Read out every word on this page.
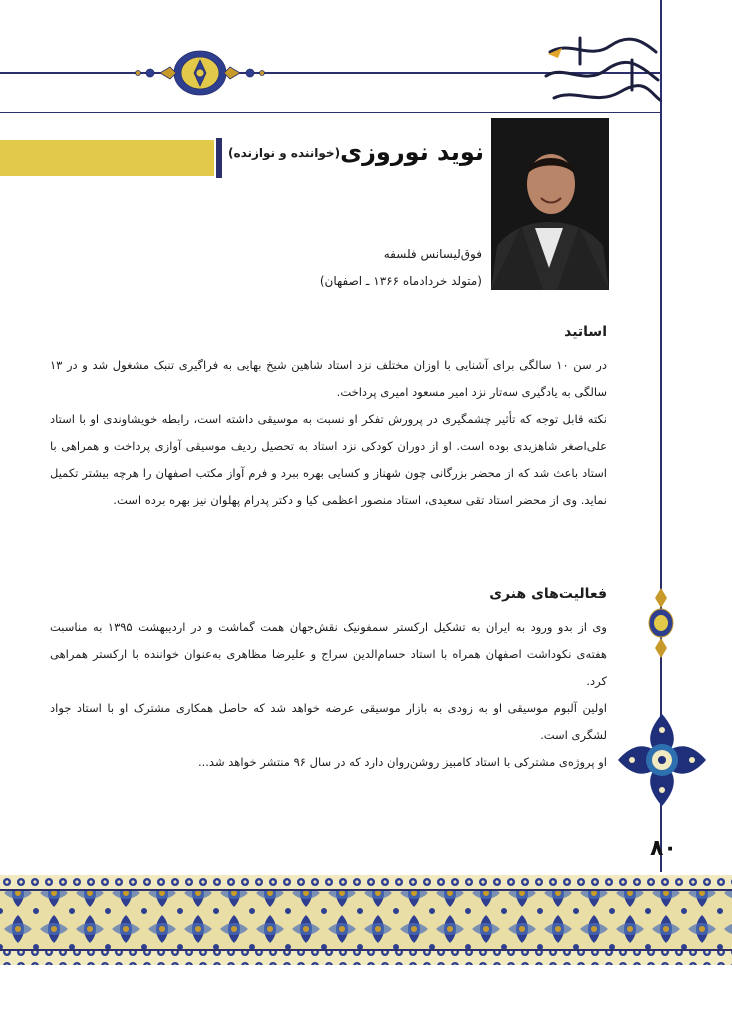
نوید نوروزی
(خواننده و نوازنده)
فوق‌لیسانس فلسفه
(متولد خردادماه ۱۳۶۶ ـ اصفهان)
اساتید

در سن ۱۰ سالگی برای آشنایی با اوزان مختلف نزد استاد شاهین شیخ بهایی به فراگیری تنبک مشغول شد و در ۱۳ سالگی به یادگیری سه‌تار نزد امیر مسعود امیری پرداخت.

نکته قابل توجه که تأثیر چشمگیری در پرورش تفکر او نسبت به موسیقی داشته است، رابطه خویشاوندی او با استاد علی‌اصغر شاهزیدی بوده است. او از دوران کودکی نزد استاد به تحصیل ردیف موسیقی آوازی پرداخت و همراهی با استاد باعث شد که از محضر بزرگانی چون شهناز و کسایی بهره ببرد و فرم آواز مکتب اصفهان را هرچه بیشتر تکمیل نماید. وی از محضر استاد تقی سعیدی، استاد منصور اعظمی کیا و دکتر پدرام پهلوان نیز بهره برده است.

فعالیت‌های هنری

وی از بدو ورود به ایران به تشکیل ارکستر سمفونیک نقش‌جهان همت گماشت و در اردیبهشت ۱۳۹۵ به مناسبت هفته‌ی نکوداشت اصفهان همراه با استاد حسام‌الدین سراج و علیرضا مظاهری به‌عنوان خواننده با ارکستر همراهی کرد.

اولین آلبوم موسیقی او به زودی به بازار موسیقی عرضه خواهد شد که حاصل همکاری مشترک او با استاد جواد لشگری است.

او پروژه‌ی مشترکی با استاد کامبیز روشن‌روان دارد که در سال ۹۶ منتشر خواهد شد...

۸۰
